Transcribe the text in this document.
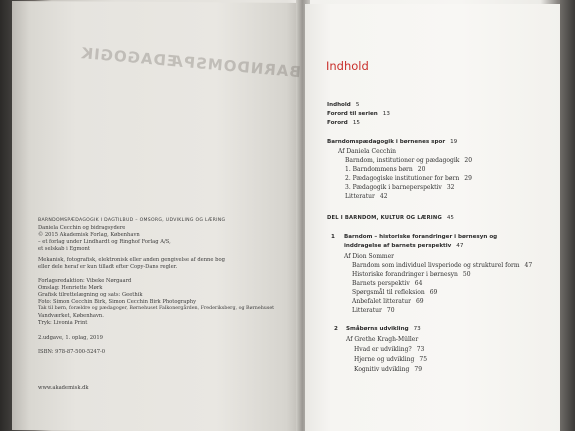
BARNDOMSPÆDAGOGIK
BARNDOMSPÆDAGOGIK I DAGTILBUD – OMSORG, UDVIKLING OG LÆRING
Daniela Cecchin og bidragsydere
© 2015 Akademisk Forlag, København
– et forlag under Lindhardt og Ringhof Forlag A/S,
et selskab i Egmont
Mekanisk, fotografisk, elektronisk eller anden gengivelse af denne bog
eller dele heraf er kun tilladt efter Copy-Dans regler.
Forlagsredaktion: Vibeke Nørgaard
Omslag: Henriette Mørk
Grafisk tilrettelægning og sats: Geethik
Foto: Simon Cecchin Birk, Simon Cecchin Birk Photography
Tak til børn, forældre og pædagoger, Børnehuset Falkonergården, Frederiksberg, og Børnehuset
Vandværket, København.
Tryk: Livonia Print
2.udgave, 1. oplag, 2019
ISBN: 978-87-500-5247-0
www.akademisk.dk
Indhold
Indhold 5
Forord til serien 13
Forord 15
Barndomspædagogik i børnenes spor 19
Af Daniela Cecchin
Barndom, institutioner og pædagogik 20
1. Barndommens børn 20
2. Pædagogiske institutioner for børn 29
3. Pædagogik i barneperspektiv 32
Litteratur 42
DEL I BARNDOM, KULTUR OG LÆRING 45
1 Barndom – historiske forandringer i børnesyn og
inddragelse af barnets perspektiv 47
Af Dion Sommer
Barndom som individuel livsperiode og strukturel form 47
Historiske forandringer i børnesyn 50
Barnets perspektiv 64
Spørgsmål til refleksion 69
Anbefalet litteratur 69
Litteratur 70
2 Småbørns udvikling 73
Af Grethe Kragh-Müller
Hvad er udvikling? 73
Hjerne og udvikling 75
Kognitiv udvikling 79
